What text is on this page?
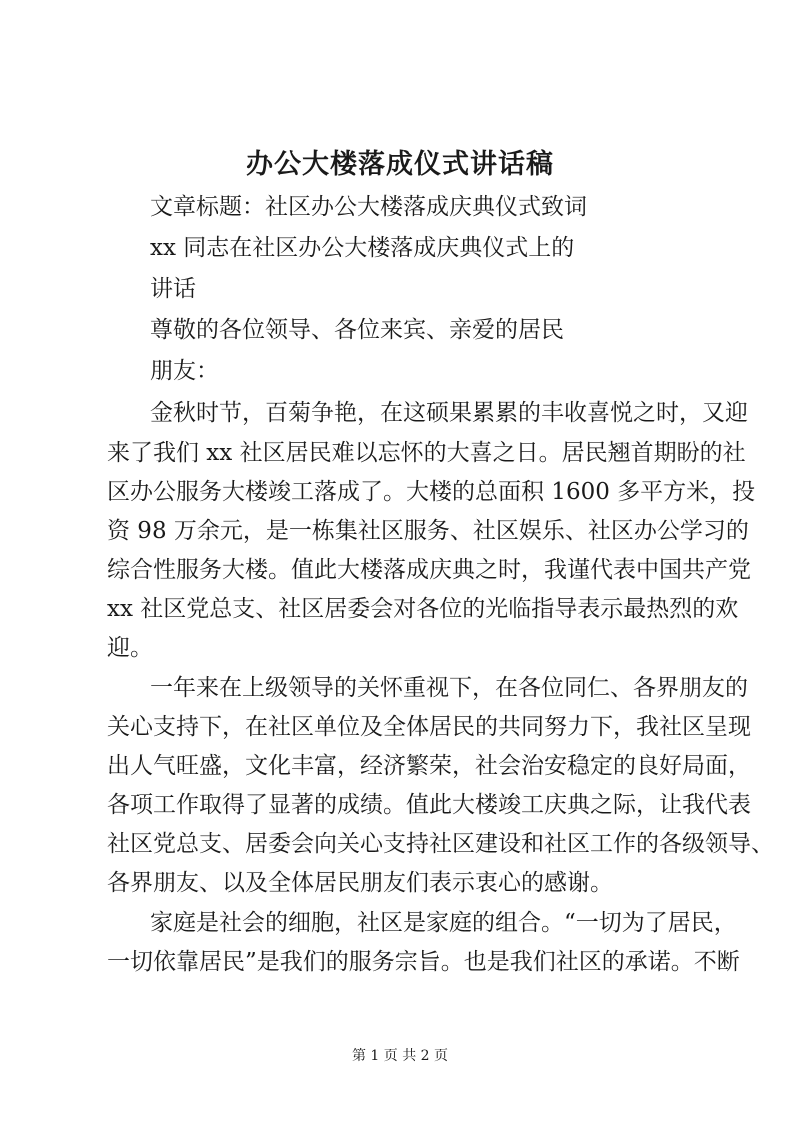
办公大楼落成仪式讲话稿

文章标题：社区办公大楼落成庆典仪式致词

xx 同志在社区办公大楼落成庆典仪式上的

讲话

尊敬的各位领导、各位来宾、亲爱的居民

朋友：

金秋时节，百菊争艳，在这硕果累累的丰收喜悦之时，又迎

来了我们 xx 社区居民难以忘怀的大喜之日。居民翘首期盼的社

区办公服务大楼竣工落成了。大楼的总面积 1600 多平方米，投

资 98 万余元，是一栋集社区服务、社区娱乐、社区办公学习的

综合性服务大楼。值此大楼落成庆典之时，我谨代表中国共产党

xx 社区党总支、社区居委会对各位的光临指导表示最热烈的欢

迎。

一年来在上级领导的关怀重视下，在各位同仁、各界朋友的

关心支持下，在社区单位及全体居民的共同努力下，我社区呈现

出人气旺盛，文化丰富，经济繁荣，社会治安稳定的良好局面，

各项工作取得了显著的成绩。值此大楼竣工庆典之际，让我代表

社区党总支、居委会向关心支持社区建设和社区工作的各级领导、

各界朋友、以及全体居民朋友们表示衷心的感谢。

家庭是社会的细胞，社区是家庭的组合。“一切为了居民，

一切依靠居民”是我们的服务宗旨。也是我们社区的承诺。不断

第 1 页 共 2 页
